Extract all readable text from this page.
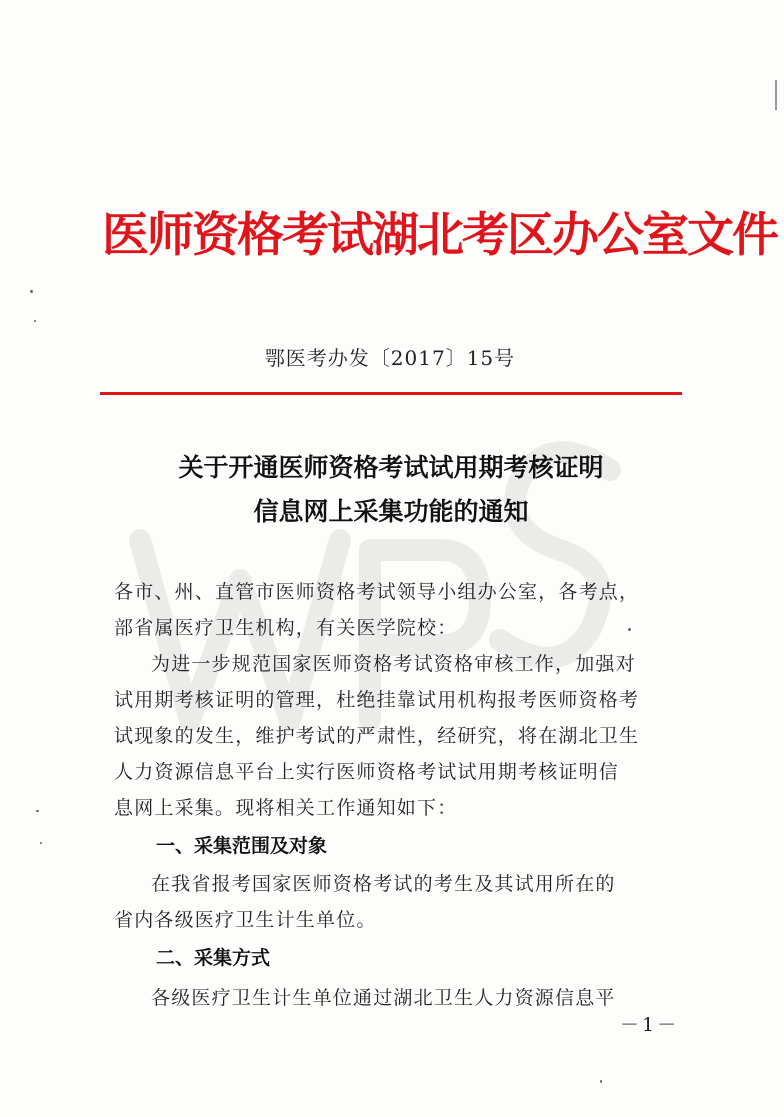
医师资格考试湖北考区办公室文件
鄂医考办发〔2017〕15号
关于开通医师资格考试试用期考核证明
信息网上采集功能的通知
各市、州、直管市医师资格考试领导小组办公室，各考点，
部省属医疗卫生机构，有关医学院校：
为进一步规范国家医师资格考试资格审核工作，加强对
试用期考核证明的管理，杜绝挂靠试用机构报考医师资格考
试现象的发生，维护考试的严肃性，经研究，将在湖北卫生
人力资源信息平台上实行医师资格考试试用期考核证明信
息网上采集。现将相关工作通知如下：
一、采集范围及对象
在我省报考国家医师资格考试的考生及其试用所在的
省内各级医疗卫生计生单位。
二、采集方式
各级医疗卫生计生单位通过湖北卫生人力资源信息平
－1－
